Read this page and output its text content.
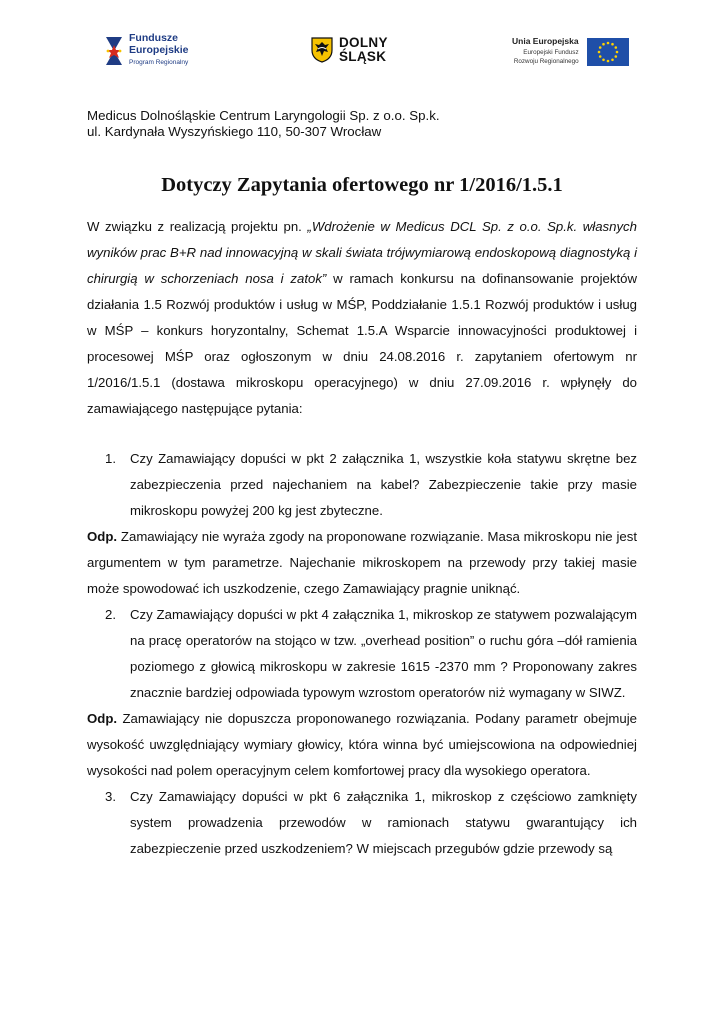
Fundusze
Europejskie
Program Regionalny
DOLNY
ŚLĄSK
Unia Europejska
Europejski Fundusz
Rozwoju Regionalnego
Medicus Dolnośląskie Centrum Laryngologii Sp. z o.o. Sp.k.
ul. Kardynała Wyszyńskiego 110, 50-307 Wrocław
Dotyczy Zapytania ofertowego nr 1/2016/1.5.1

W związku z realizacją projektu pn. „Wdrożenie w Medicus DCL Sp. z o.o. Sp.k. własnych wyników prac B+R nad innowacyjną w skali świata trójwymiarową endoskopową diagnostyką i chirurgią w schorzeniach nosa i zatok” w ramach konkursu na dofinansowanie projektów działania 1.5 Rozwój produktów i usług w MŚP, Poddziałanie 1.5.1 Rozwój produktów i usług w MŚP – konkurs horyzontalny, Schemat 1.5.A Wsparcie innowacyjności produktowej i procesowej MŚP oraz ogłoszonym w dniu 24.08.2016 r. zapytaniem ofertowym nr 1/2016/1.5.1 (dostawa mikroskopu operacyjnego) w dniu 27.09.2016 r. wpłynęły do zamawiającego następujące pytania:

1.	Czy Zamawiający dopuści w pkt 2 załącznika 1, wszystkie koła statywu skrętne bez zabezpieczenia przed najechaniem na kabel? Zabezpieczenie takie przy masie mikroskopu powyżej 200 kg jest zbyteczne.

Odp. Zamawiający nie wyraża zgody na proponowane rozwiązanie. Masa mikroskopu nie jest argumentem w tym parametrze. Najechanie mikroskopem na przewody przy takiej masie może spowodować ich uszkodzenie, czego Zamawiający pragnie uniknąć.

2.	Czy Zamawiający dopuści w pkt 4 załącznika 1, mikroskop ze statywem pozwalającym na pracę operatorów na stojąco w tzw. „overhead position” o ruchu góra –dół ramienia poziomego z głowicą mikroskopu w zakresie 1615 -2370 mm ? Proponowany zakres znacznie bardziej odpowiada typowym wzrostom operatorów niż wymagany w SIWZ.

Odp. Zamawiający nie dopuszcza proponowanego rozwiązania. Podany parametr obejmuje wysokość uwzględniający wymiary głowicy, która winna być umiejscowiona na odpowiedniej wysokości nad polem operacyjnym celem komfortowej pracy dla wysokiego operatora.

3.	Czy Zamawiający dopuści w pkt 6 załącznika 1, mikroskop z częściowo zamknięty system prowadzenia przewodów w ramionach statywu gwarantujący ich zabezpieczenie przed uszkodzeniem? W miejscach przegubów gdzie przewody są
